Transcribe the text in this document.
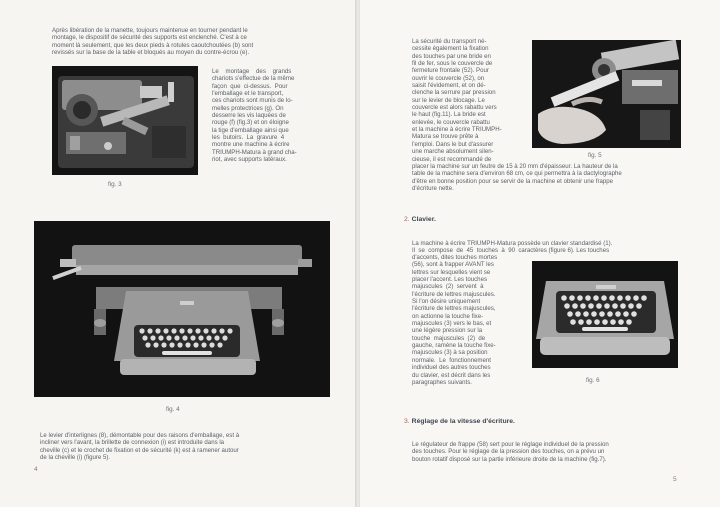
Après libération de la manette, toujours maintenue en tourner pendant le
montage, le dispositif de sécurité des supports est enclenché. C'est à ce
moment là seulement, que les deux pieds à rotules caoutchoutées (b) sont
revissés sur la base de la table et bloqués au moyen du contre-écrou (e).

Le    montage    des    grands
chariots s'effectue de la même
façon  que  ci-dessus.  Pour
l'emballage et le transport,
ces chariots sont munis de lo-
melles protectrices (g). On
desserre les vis laquées de
rouge (f) (fig.3) et on éloigne
la tige d'emballage ainsi que
les  butoirs.  La  gravure  4
montre une machine à écrire
TRIUMPH-Matura à grand cha-
riot, avec supports latéraux.

fig. 3
fig. 4

Le levier d'interlignes (8), démontable pour des raisons d'emballage, est à
incliner vers l'avant, la brillette de connexion (i) est introduite dans la
cheville (c) et le crochet de fixation et de sécurité (k) est à ramener autour
de la cheville (i) (figure 5).

4

La sécurité du transport né-
cessite également la fixation
des touches par une bride en
fil de fer, sous le couvercle de
fermeture frontale (52). Pour
ouvrir le couvercle (52), on
saisit l'évidement, et on dé-
clenche la serrure par pression
sur le levier de blocage. Le
couvercle est alors rabattu vers
le haut (fig.11). La bride est
enlevée, le couvercle rabattu
et la machine à écrire TRIUMPH-
Matura se trouve prête à
l'emploi. Dans le but d'assurer
une marche absolument silen-
cieuse, il est recommandé de	fig. 5

placer la machine sur un feutre de 15 à 20 mm d'épaisseur. La hauteur de la
table de la machine sera d'environ 68 cm, ce qui permettra à la dactylographe
d'être en bonne position pour se servir de la machine et obtenir une frappe
d'écriture nette.

2. Clavier.

La machine à écrire TRIUMPH-Matura possède un clavier standardisé (1).
Il  se  compose  de  45  touches  à  90  caractères (figure 6). Les touches

d'accents, dites touches mortes
(56), sont à frapper AVANT les
lettres sur lesquelles vient se
placer l'accent. Les touches
majuscules  (2)  servent  à
l'écriture de lettres majuscules.
Si l'on désire uniquement
l'écriture de lettres majuscules,
on actionne la touche fixe-
majuscules (3) vers le bas, et
une légère pression sur la
touche  majuscules  (2)  de
gauche, ramène la touche fixe-
majuscules (3) à sa position
normale.  Le  fonctionnement
individuel des autres touches
du clavier, est décrit dans les
paragraphes suivants.	fig. 6
3. Réglage de la vitesse d'écriture.

Le régulateur de frappe (58) sert pour le réglage individuel de la pression
des touches. Pour le réglage de la pression des touches, on a prévu un
bouton rotatif disposé sur la partie inférieure droite de la machine (fig.7).

5
